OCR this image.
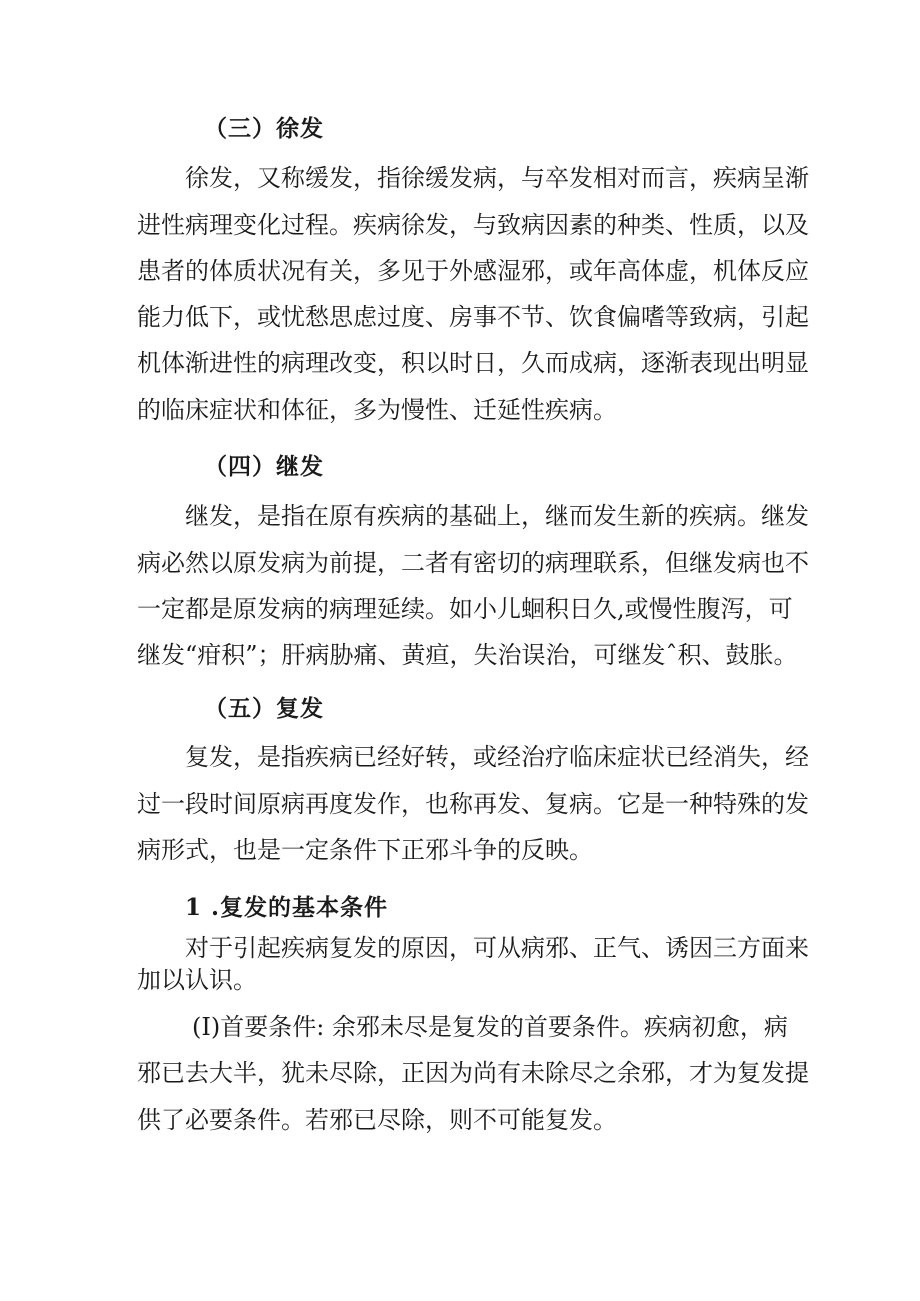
（三）徐发
徐发，又称缓发，指徐缓发病，与卒发相对而言，疾病呈渐
进性病理变化过程。疾病徐发，与致病因素的种类、性质，以及
患者的体质状况有关，多见于外感湿邪，或年高体虚，机体反应
能力低下，或忧愁思虑过度、房事不节、饮食偏嗜等致病，引起
机体渐进性的病理改变，积以时日，久而成病，逐渐表现出明显
的临床症状和体征，多为慢性、迁延性疾病。
（四）继发
继发，是指在原有疾病的基础上，继而发生新的疾病。继发
病必然以原发病为前提，二者有密切的病理联系，但继发病也不
一定都是原发病的病理延续。如小儿蛔积日久,或慢性腹泻，可
继发“疳积”；肝病胁痛、黄疸，失治误治，可继发ˆ积、鼓胀。
（五）复发
复发，是指疾病已经好转，或经治疗临床症状已经消失，经
过一段时间原病再度发作，也称再发、复病。它是一种特殊的发
病形式，也是一定条件下正邪斗争的反映。
1 .复发的基本条件
对于引起疾病复发的原因，可从病邪、正气、诱因三方面来
加以认识。
(I)首要条件: 余邪未尽是复发的首要条件。疾病初愈，病
邪已去大半，犹未尽除，正因为尚有未除尽之余邪，才为复发提
供了必要条件。若邪已尽除，则不可能复发。
